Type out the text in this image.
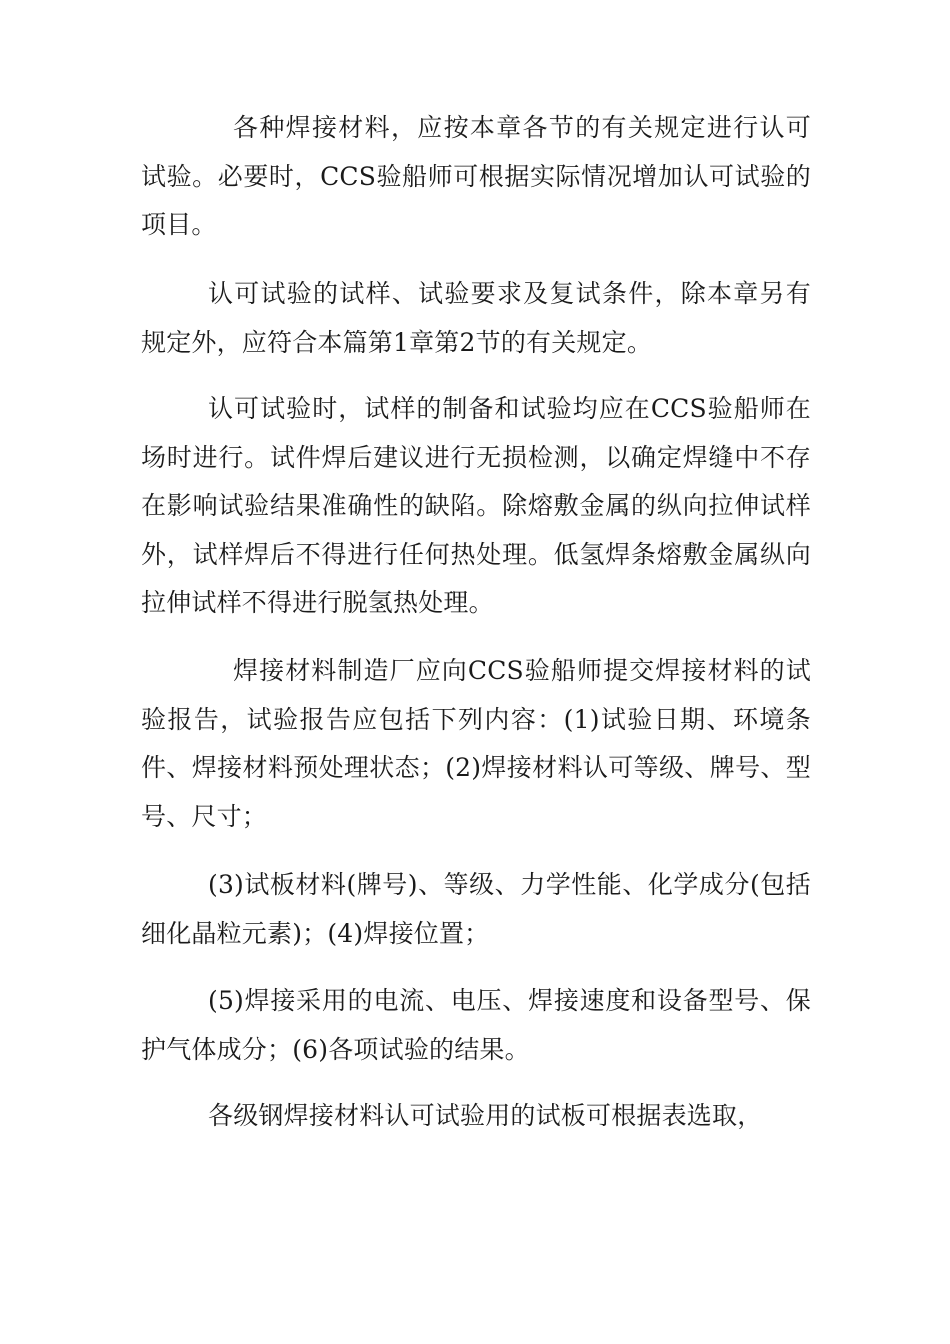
各种焊接材料，应按本章各节的有关规定进行认可试验。必要时，CCS验船师可根据实际情况增加认可试验的项目。

认可试验的试样、试验要求及复试条件，除本章另有规定外，应符合本篇第1章第2节的有关规定。

认可试验时，试样的制备和试验均应在CCS验船师在场时进行。试件焊后建议进行无损检测，以确定焊缝中不存在影响试验结果准确性的缺陷。除熔敷金属的纵向拉伸试样外，试样焊后不得进行任何热处理。低氢焊条熔敷金属纵向拉伸试样不得进行脱氢热处理。

焊接材料制造厂应向CCS验船师提交焊接材料的试验报告，试验报告应包括下列内容：(1)试验日期、环境条件、焊接材料预处理状态；(2)焊接材料认可等级、牌号、型号、尺寸；

(3)试板材料(牌号)、等级、力学性能、化学成分(包括细化晶粒元素)；(4)焊接位置；

(5)焊接采用的电流、电压、焊接速度和设备型号、保护气体成分；(6)各项试验的结果。

各级钢焊接材料认可试验用的试板可根据表选取，
